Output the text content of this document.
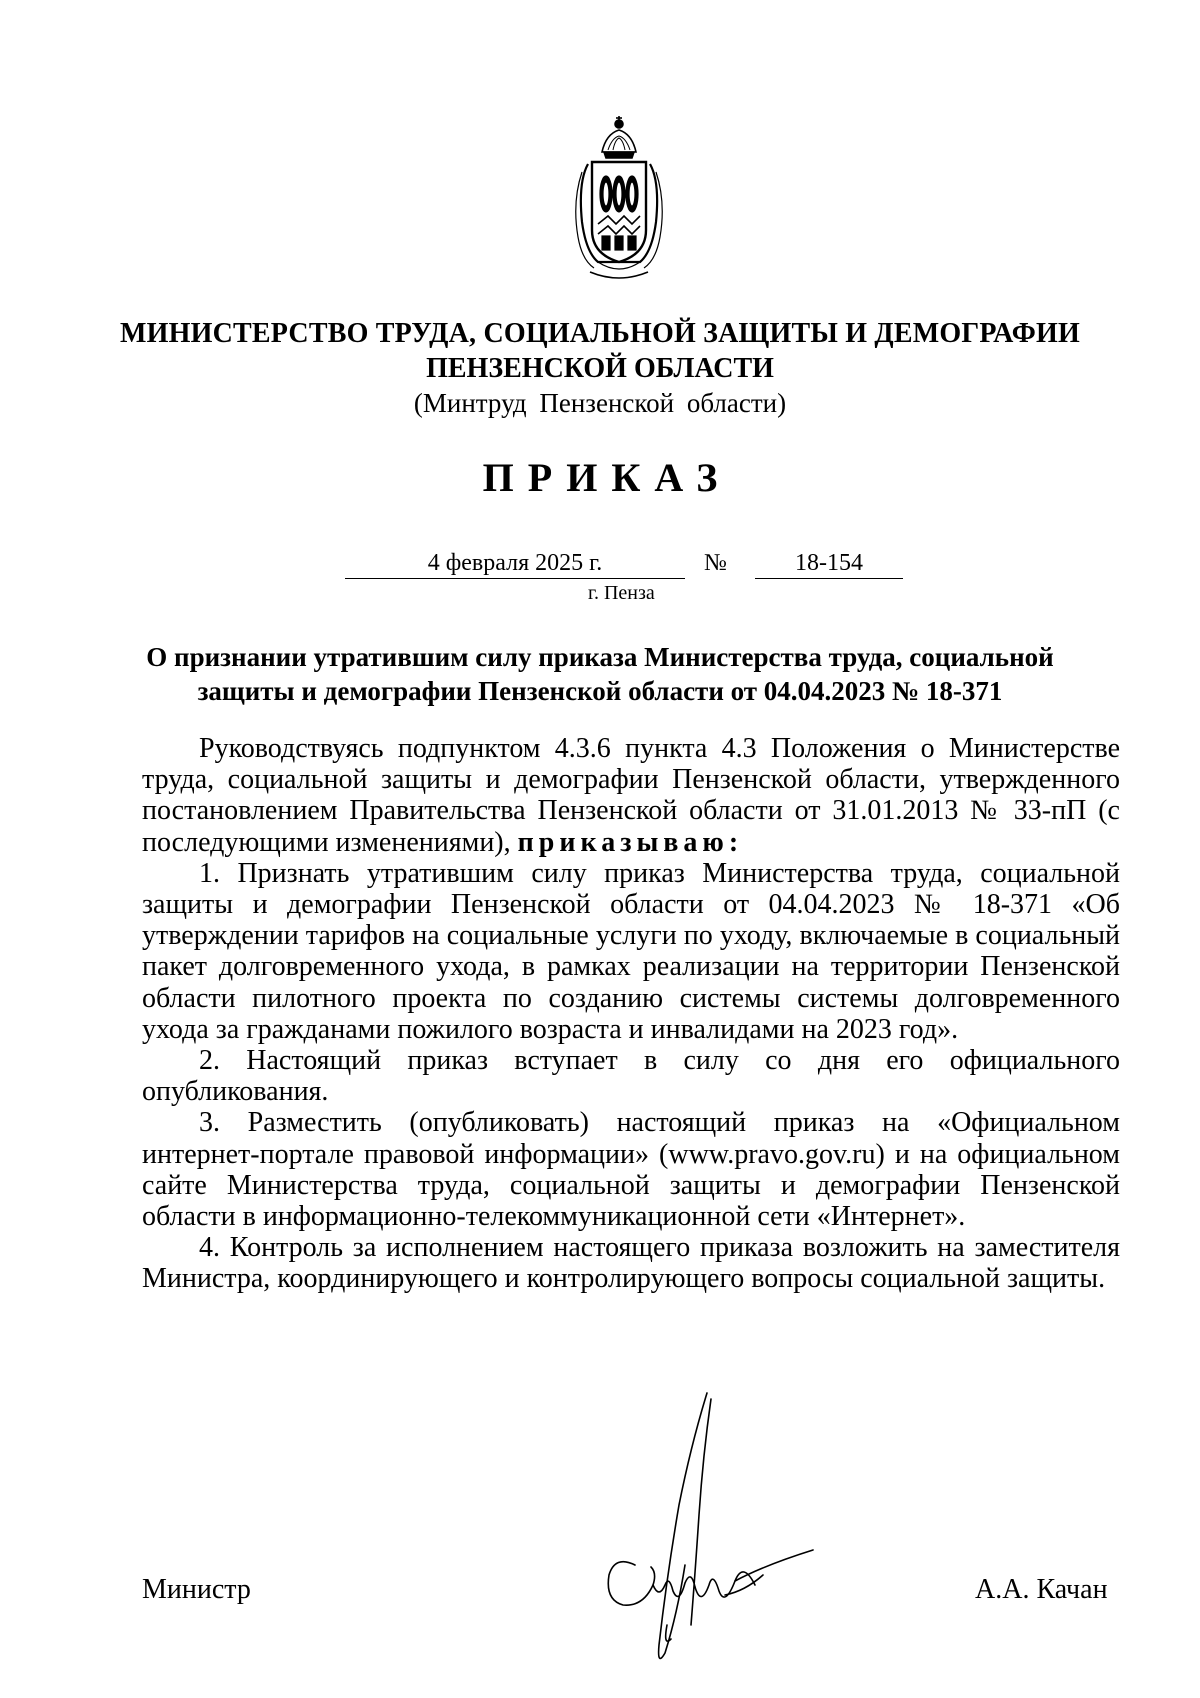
МИНИСТЕРСТВО ТРУДА, СОЦИАЛЬНОЙ ЗАЩИТЫ И ДЕМОГРАФИИ
ПЕНЗЕНСКОЙ ОБЛАСТИ
(Минтруд Пензенской области)
ПРИКАЗ
4 февраля 2025 г.	№	18-154
г. Пенза
О признании утратившим силу приказа Министерства труда, социальной защиты и демографии Пензенской области от 04.04.2023 № 18-371

Руководствуясь подпунктом 4.3.6 пункта 4.3 Положения о Министерстве труда, социальной защиты и демографии Пензенской области, утвержденного постановлением Правительства Пензенской области от 31.01.2013 № 33-пП (с последующими изменениями), приказываю:

1. Признать утратившим силу приказ Министерства труда, социальной защиты и демографии Пензенской области от 04.04.2023 № 18-371 «Об утверждении тарифов на социальные услуги по уходу, включаемые в социальный пакет долговременного ухода, в рамках реализации на территории Пензенской области пилотного проекта по созданию системы системы долговременного ухода за гражданами пожилого возраста и инвалидами на 2023 год».

2. Настоящий приказ вступает в силу со дня его официального опубликования.

3. Разместить (опубликовать) настоящий приказ на «Официальном интернет-портале правовой информации» (www.pravo.gov.ru) и на официальном сайте Министерства труда, социальной защиты и демографии Пензенской области в информационно-телекоммуникационной сети «Интернет».

4. Контроль за исполнением настоящего приказа возложить на заместителя Министра, координирующего и контролирующего вопросы социальной защиты.

Министр	А.А. Качан
